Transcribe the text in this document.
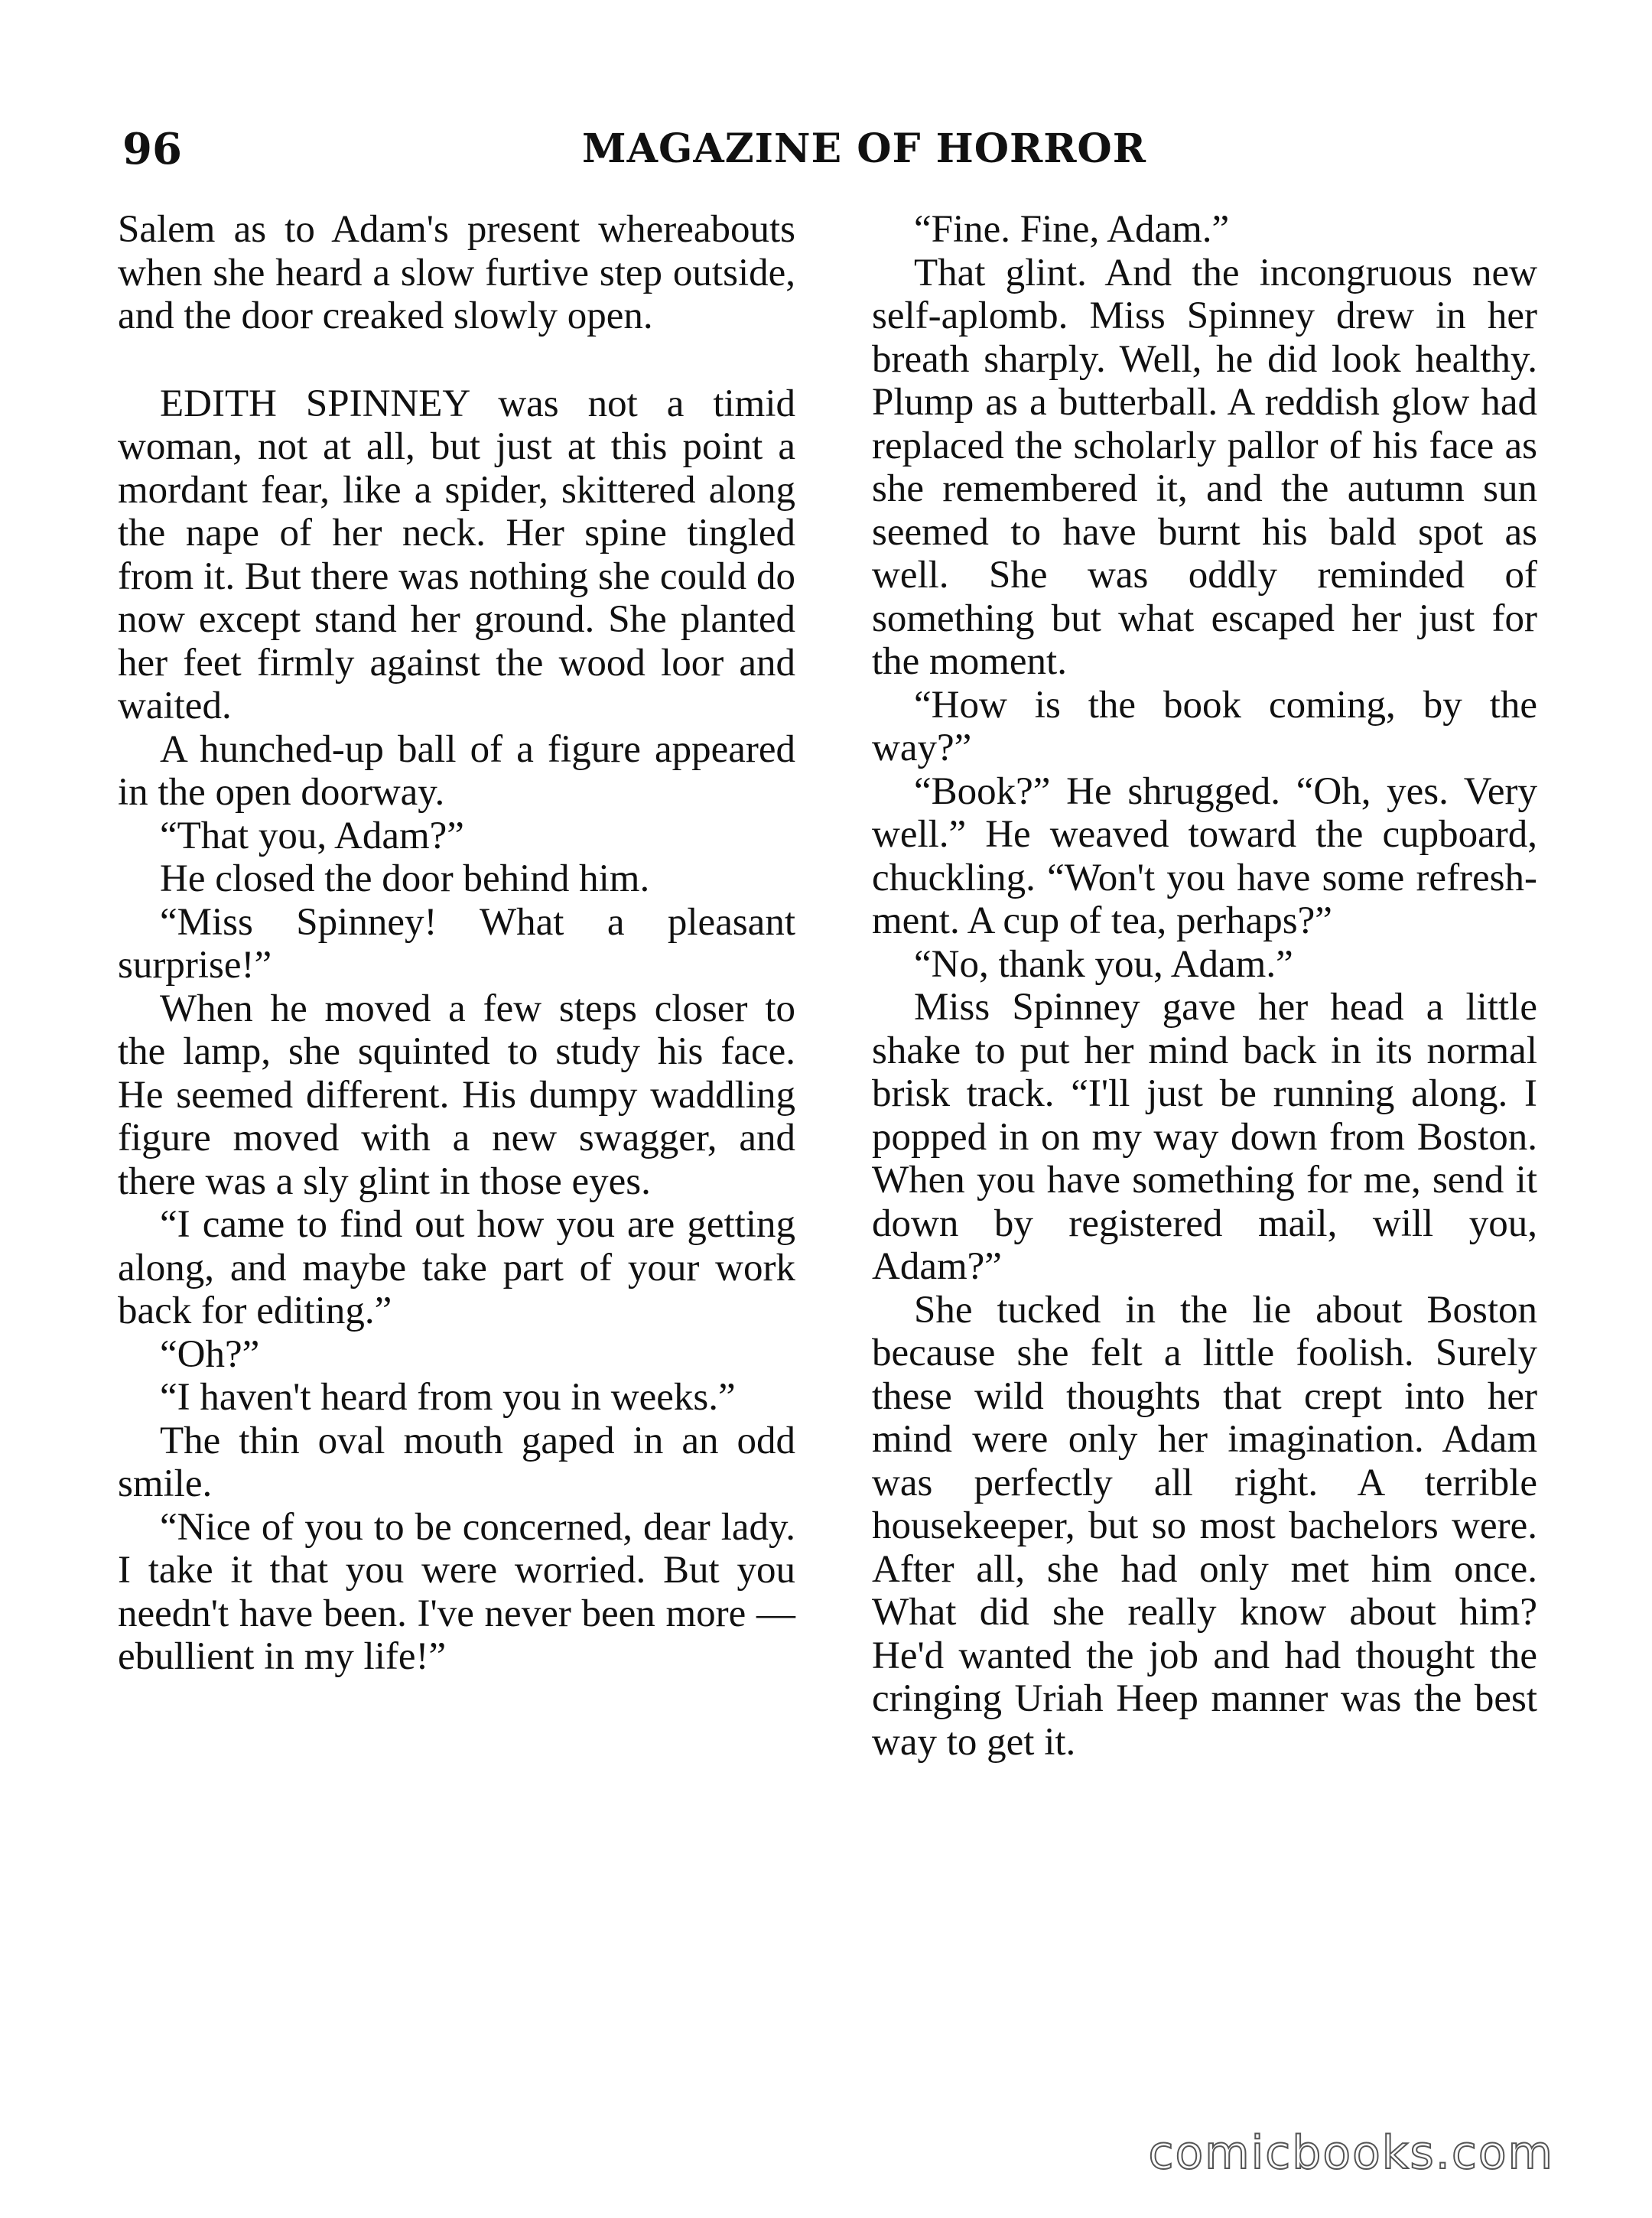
96	MAGAZINE OF HORROR

Salem as to Adam's present whereabouts when she heard a slow furtive step outside, and the door creaked slowly open.

EDITH SPINNEY was not a timid woman, not at all, but just at this point a mordant fear, like a spider, skittered along the nape of her neck. Her spine tingled from it. But there was nothing she could do now except stand her ground. She planted her feet firmly against the wood loor and waited.

A hunched-up ball of a figure appeared in the open doorway.

“That you, Adam?”

He closed the door behind him.

“Miss Spinney! What a pleasant surprise!”

When he moved a few steps closer to the lamp, she squinted to study his face. He seemed different. His dumpy waddling figure moved with a new swagger, and there was a sly glint in those eyes.

“I came to find out how you are getting along, and maybe take part of your work back for editing.”

“Oh?”

“I haven't heard from you in weeks.”

The thin oval mouth gaped in an odd smile.

“Nice of you to be concerned, dear lady. I take it that you were worried. But you needn't have been. I've never been more — ebullient in my life!”

“Fine. Fine, Adam.”

That glint. And the incongruous new self-aplomb. Miss Spinney drew in her breath sharply. Well, he did look healthy. Plump as a butterball. A reddish glow had replaced the scholarly pallor of his face as she remembered it, and the autumn sun seemed to have burnt his bald spot as well. She was oddly reminded of something but what escaped her just for the moment.

“How is the book coming, by the way?”

“Book?” He shrugged. “Oh, yes. Very well.” He weaved toward the cupboard, chuckling. “Won't you have some refreshment. A cup of tea, perhaps?”

“No, thank you, Adam.”

Miss Spinney gave her head a little shake to put her mind back in its normal brisk track. “I'll just be running along. I popped in on my way down from Boston. When you have something for me, send it down by registered mail, will you, Adam?”

She tucked in the lie about Boston because she felt a little foolish. Surely these wild thoughts that crept into her mind were only her imagination. Adam was perfectly all right. A terrible housekeeper, but so most bachelors were. After all, she had only met him once. What did she really know about him? He'd wanted the job and had thought the cringing Uriah Heep manner was the best way to get it.

comicbooks.com
